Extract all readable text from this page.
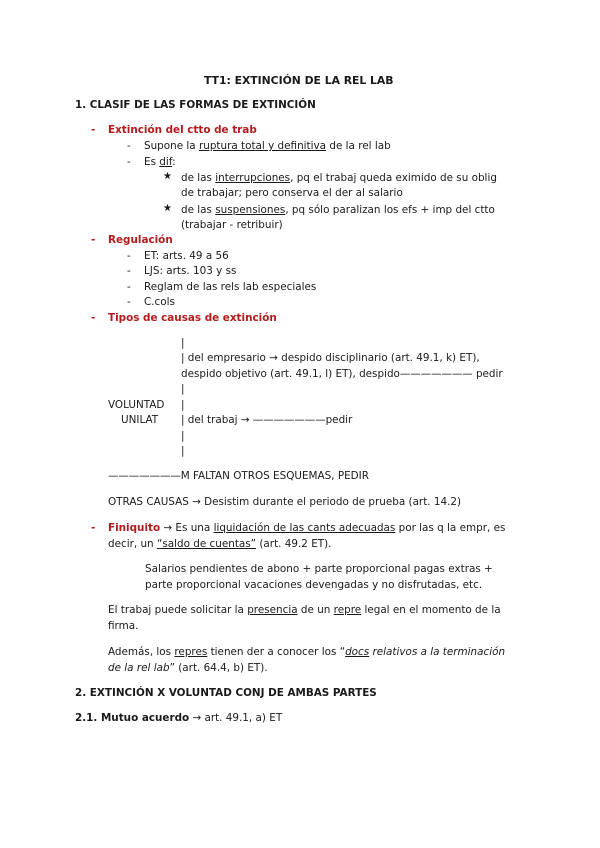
TT1: EXTINCIÓN DE LA REL LAB
1. CLASIF DE LAS FORMAS DE EXTINCIÓN
- Extinción del ctto de trab
- Supone la ruptura total y definitiva de la rel lab
- Es dif:
★ de las interrupciones, pq el trabaj queda eximido de su oblig
de trabajar; pero conserva el der al salario
★ de las suspensiones, pq sólo paralizan los efs + imp del ctto
(trabajar - retribuir)
- Regulación
- ET: arts. 49 a 56
- LJS: arts. 103 y ss
- Reglam de las rels lab especiales
- C.cols
- Tipos de causas de extinción
|
| del empresario → despido disciplinario (art. 49.1, k) ET),
despido objetivo (art. 49.1, l) ET), despido——————— pedir
|
VOLUNTAD |
UNILAT | del trabaj → ———————pedir
|
|
———————M FALTAN OTROS ESQUEMAS, PEDIR
OTRAS CAUSAS → Desistim durante el periodo de prueba (art. 14.2)
- Finiquito → Es una liquidación de las cants adecuadas por las q la empr, es
decir, un “saldo de cuentas” (art. 49.2 ET).
Salarios pendientes de abono + parte proporcional pagas extras +
parte proporcional vacaciones devengadas y no disfrutadas, etc.
El trabaj puede solicitar la presencia de un repre legal en el momento de la
firma.
Además, los repres tienen der a conocer los “docs relativos a la terminación
de la rel lab” (art. 64.4, b) ET).
2. EXTINCIÓN X VOLUNTAD CONJ DE AMBAS PARTES
2.1. Mutuo acuerdo → art. 49.1, a) ET
